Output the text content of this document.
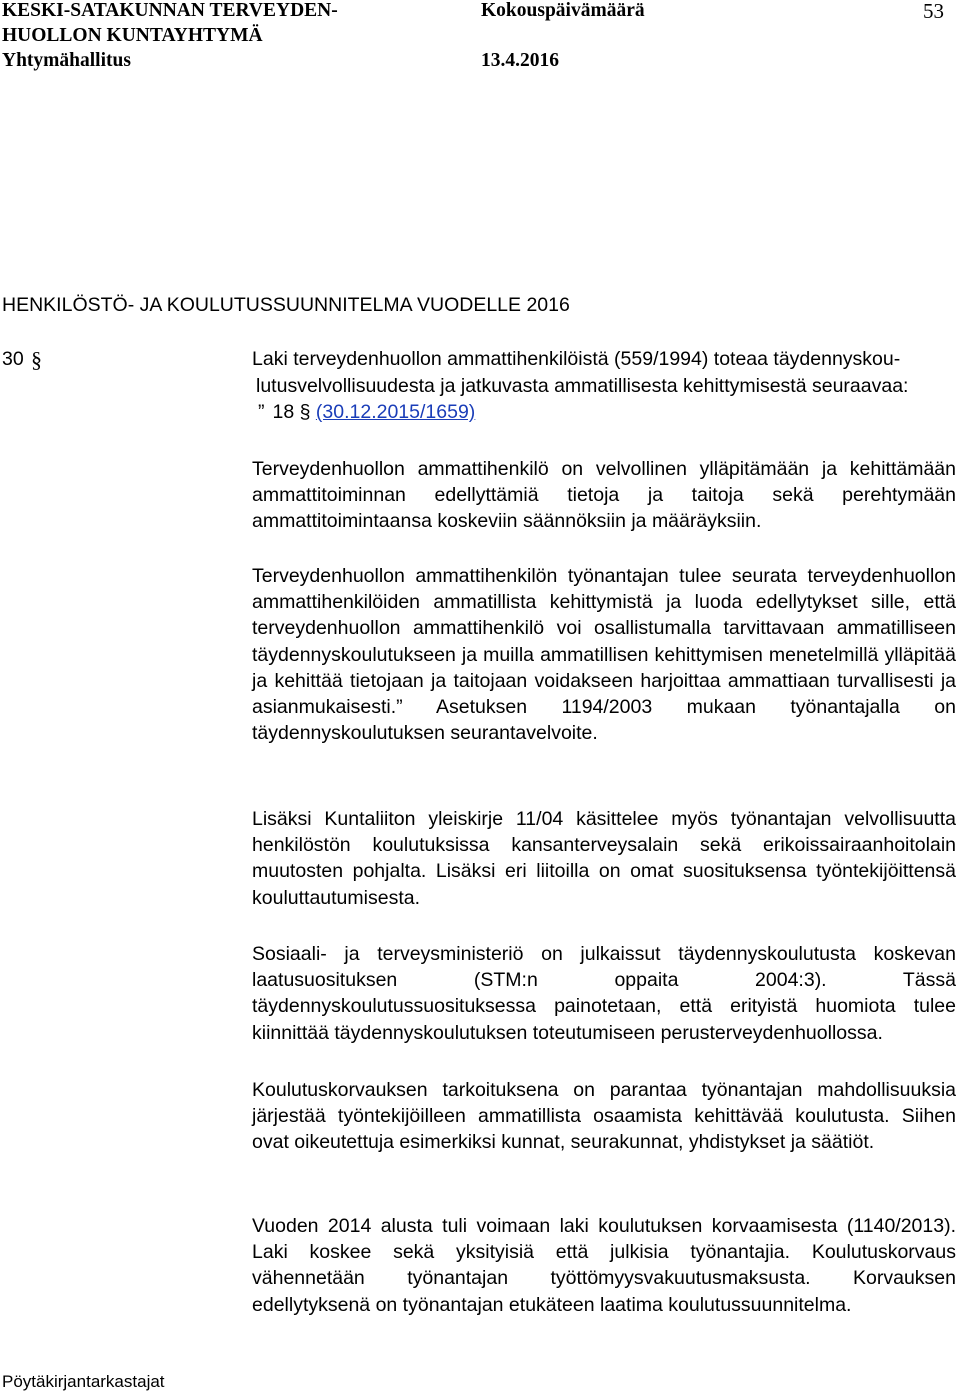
KESKI-SATAKUNNAN TERVEYDEN-
HUOLLON KUNTAYHTYMÄ
Yhtymähallitus
Kokouspäivämäärä
13.4.2016
53
HENKILÖSTÖ- JA KOULUTUSSUUNNITELMA VUODELLE 2016
30 §	Laki terveydenhuollon ammattihenkilöistä (559/1994) toteaa täydennyskou-
lutusvelvollisuudesta ja jatkuvasta ammatillisesta kehittymisestä seuraavaa:
” 18 § (30.12.2015/1659)

Terveydenhuollon ammattihenkilö on velvollinen ylläpitämään ja kehittämään ammattitoiminnan edellyttämiä tietoja ja taitoja sekä perehtymään ammattitoimintaansa koskeviin säännöksiin ja määräyksiin.

Terveydenhuollon ammattihenkilön työnantajan tulee seurata terveydenhuollon ammattihenkilöiden ammatillista kehittymistä ja luoda edellytykset sille, että terveydenhuollon ammattihenkilö voi osallistumalla tarvittavaan ammatilliseen täydennyskoulutukseen ja muilla ammatillisen kehittymisen menetelmillä ylläpitää ja kehittää tietojaan ja taitojaan voidakseen harjoittaa ammattiaan turvallisesti ja asianmukaisesti.” Asetuksen 1194/2003 mukaan työnantajalla on täydennyskoulutuksen seurantavelvoite.

Lisäksi Kuntaliiton yleiskirje 11/04 käsittelee myös työnantajan velvollisuutta henkilöstön koulutuksissa kansanterveysalain sekä erikoissairaanhoitolain muutosten pohjalta. Lisäksi eri liitoilla on omat suosituksensa työntekijöittensä kouluttautumisesta.

Sosiaali- ja terveysministeriö on julkaissut täydennyskoulutusta koskevan laatusuosituksen (STM:n oppaita 2004:3). Tässä täydennyskoulutussuosituksessa painotetaan, että erityistä huomiota tulee kiinnittää täydennyskoulutuksen toteutumiseen perusterveydenhuollossa.

Koulutuskorvauksen tarkoituksena on parantaa työnantajan mahdollisuuksia järjestää työntekijöilleen ammatillista osaamista kehittävää koulutusta. Siihen ovat oikeutettuja esimerkiksi kunnat, seurakunnat, yhdistykset ja säätiöt.

Vuoden 2014 alusta tuli voimaan laki koulutuksen korvaamisesta (1140/2013). Laki koskee sekä yksityisiä että julkisia työnantajia. Koulutuskorvaus vähennetään työnantajan työttömyysvakuutusmaksusta. Korvauksen edellytyksenä on työnantajan etukäteen laatima koulutussuunnitelma.

Pöytäkirjantarkastajat
